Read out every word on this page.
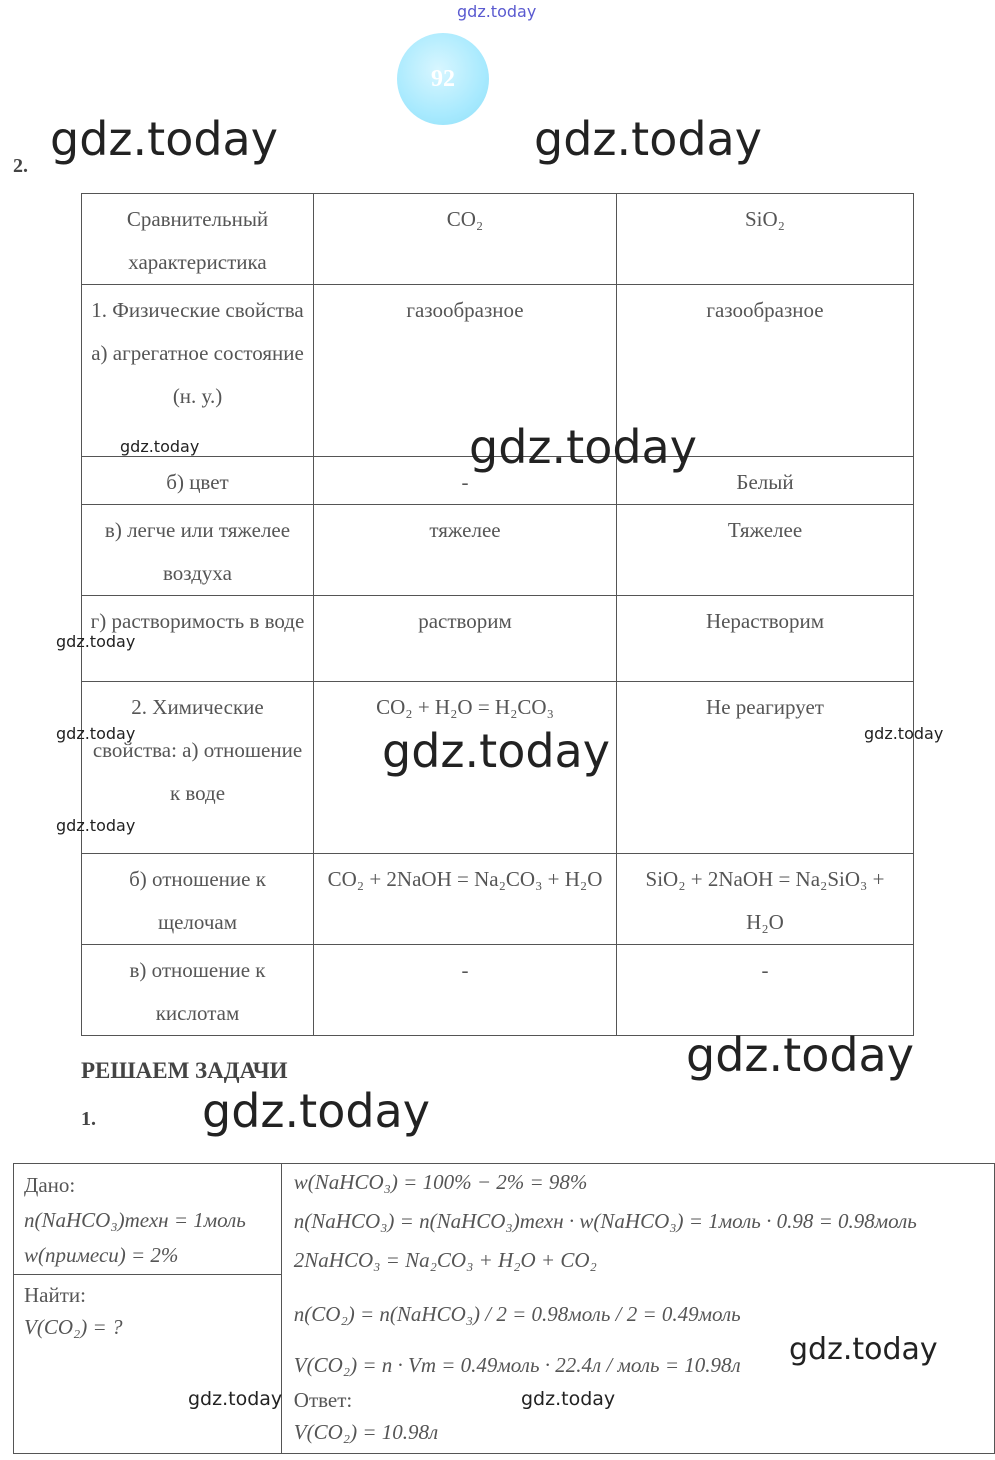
gdz.today
92
2. gdz.today	gdz.today
Сравнительный характеристика	CO₂	SiO₂
1. Физические свойства а) агрегатное состояние (н. у.)	газообразное	газообразное
б) цвет	-	Белый
в) легче или тяжелее воздуха	тяжелее	Тяжелее
г) растворимость в воде	растворим	Нерастворим
2. Химические свойства: а) отношение к воде	CO₂ + H₂O = H₂CO₃	Не реагирует
б) отношение к щелочам	CO₂ + 2NaOH = Na₂CO₃ + H₂O	SiO₂ + 2NaOH = Na₂SiO₃ + H₂O
в) отношение к кислотам	-	-
gdz.today	gdz.today
gdz.today
gdz.today	gdz.today
gdz.today
gdz.today
gdz.today
РЕШАЕМ ЗАДАЧИ
1. gdz.today
Дано:
n(NaHCO₃)техн = 1моль
w(примеси) = 2%

w(NaHCO₃) = 100% − 2% = 98%
n(NaHCO₃) = n(NaHCO₃)техн · w(NaHCO₃) = 1моль · 0.98 = 0.98моль
2NaHCO₃ = Na₂CO₃ + H₂O + CO₂
n(CO₂) = n(NaHCO₃) / 2 = 0.98моль / 2 = 0.49моль
V(CO₂) = n · Vm = 0.49моль · 22.4л / моль = 10.98л
Ответ:
V(CO₂) = 10.98л

Найти:
V(CO₂) = ?
gdz.today
gdz.today	gdz.today
